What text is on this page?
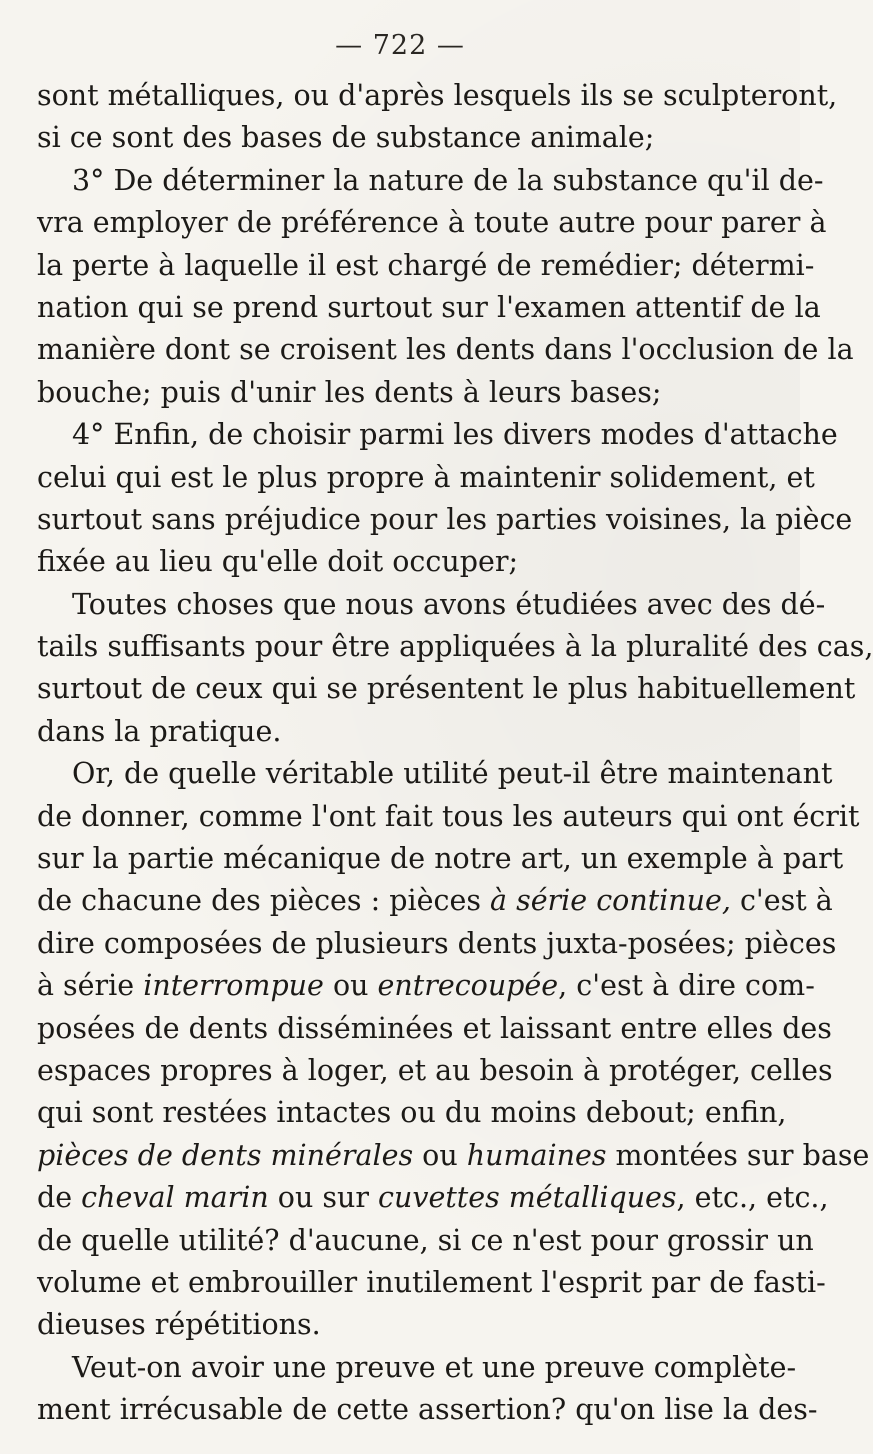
— 722 —
sont métalliques, ou d'après lesquels ils se sculpteront,
si ce sont des bases de substance animale;
3° De déterminer la nature de la substance qu'il de-
vra employer de préférence à toute autre pour parer à
la perte à laquelle il est chargé de remédier; détermi-
nation qui se prend surtout sur l'examen attentif de la
manière dont se croisent les dents dans l'occlusion de la
bouche; puis d'unir les dents à leurs bases;
4° Enfin, de choisir parmi les divers modes d'attache
celui qui est le plus propre à maintenir solidement, et
surtout sans préjudice pour les parties voisines, la pièce
fixée au lieu qu'elle doit occuper;
Toutes choses que nous avons étudiées avec des dé-
tails suffisants pour être appliquées à la pluralité des cas,
surtout de ceux qui se présentent le plus habituellement
dans la pratique.
Or, de quelle véritable utilité peut-il être maintenant
de donner, comme l'ont fait tous les auteurs qui ont écrit
sur la partie mécanique de notre art, un exemple à part
de chacune des pièces : pièces à série continue, c'est à
dire composées de plusieurs dents juxta-posées; pièces
à série interrompue ou entrecoupée, c'est à dire com-
posées de dents disséminées et laissant entre elles des
espaces propres à loger, et au besoin à protéger, celles
qui sont restées intactes ou du moins debout; enfin,
pièces de dents minérales ou humaines montées sur base
de cheval marin ou sur cuvettes métalliques, etc., etc.,
de quelle utilité? d'aucune, si ce n'est pour grossir un
volume et embrouiller inutilement l'esprit par de fasti-
dieuses répétitions.
Veut-on avoir une preuve et une preuve complète-
ment irrécusable de cette assertion? qu'on lise la des-
